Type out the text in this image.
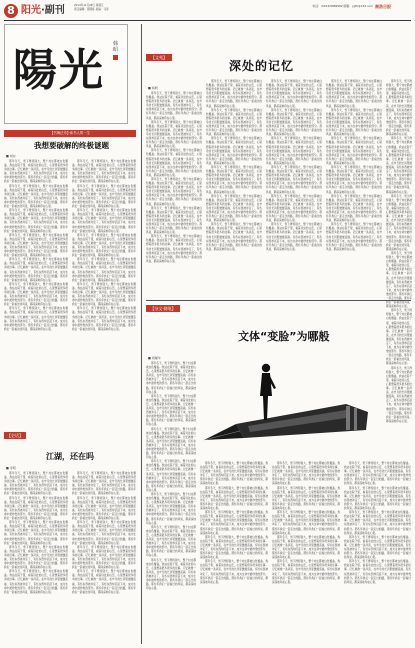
8 阳光·副刊	2014年11月28日 星期五
责任编辑：郝国栋 美编：马涛
电话：(0914)6889962 邮箱：ygfk@163.com 商洛日报
陽光
韩昭
【文苑】
深处的记忆
■ 杨帆

那年冬天，雪下得特别大，整个村庄都被白色覆盖。我站在院子里，看着远处的山峦，心里想着很多很多的往事。记忆就像一条河流，在岁月的长河里缓缓流淌，有些东西被冲走了，有些东西却沉淀下来，成为生命中最珍贵的部分。那些年我们一起走过的路，那些年我们一起看过的风景，都深深地印在心里。

那年冬天，雪下得特别大，整个村庄都被白色覆盖。我站在院子里，看着远处的山峦，心里想着很多很多的往事。记忆就像一条河流，在岁月的长河里缓缓流淌，有些东西被冲走了，有些东西却沉淀下来，成为生命中最珍贵的部分。那些年我们一起走过的路，那些年我们一起看过的风景，都深深地印在心里。

那年冬天，雪下得特别大，整个村庄都被白色覆盖。我站在院子里，看着远处的山峦，心里想着很多很多的往事。记忆就像一条河流，在岁月的长河里缓缓流淌，有些东西被冲走了，有些东西却沉淀下来，成为生命中最珍贵的部分。那些年我们一起走过的路，那些年我们一起看过的风景，都深深地印在心里。

那年冬天，雪下得特别大，整个村庄都被白色覆盖。我站在院子里，看着远处的山峦，心里想着很多很多的往事。记忆就像一条河流，在岁月的长河里缓缓流淌，有些东西被冲走了，有些东西却沉淀下来，成为生命中最珍贵的部分。那些年我们一起走过的路，那些年我们一起看过的风景，都深深地印在心里。

那年冬天，雪下得特别大，整个村庄都被白色覆盖。我站在院子里，看着远处的山峦，心里想着很多很多的往事。记忆就像一条河流，在岁月的长河里缓缓流淌，有些东西被冲走了，有些东西却沉淀下来，成为生命中最珍贵的部分。那些年我们一起走过的路，那些年我们一起看过的风景，都深深地印在心里。

那年冬天，雪下得特别大，整个村庄都被白色覆盖。我站在院子里，看着远处的山峦，心里想着很多很多的往事。记忆就像一条河流，在岁月的长河里缓缓流淌，有些东西被冲走了，有些东西却沉淀下来，成为生命中最珍贵的部分。那些年我们一起走过的路，那些年我们一起看过的风景，都深深地印在心里。

那年冬天，雪下得特别大，整个村庄都被白色覆盖。我站在院子里，看着远处的山峦，心里想着很多很多的往事。记忆就像一条河流，在岁月的长河里缓缓流淌，有些东西被冲走了，有些东西却沉淀下来，成为生命中最珍贵的部分。那些年我们一起走过的路，那些年我们一起看过的风景，都深深地印在心里。

那年冬天，雪下得特别大，整个村庄都被白色覆盖。我站在院子里，看着远处的山峦，心里想着很多很多的往事。记忆就像一条河流，在岁月的长河里缓缓流淌，有些东西被冲走了，有些东西却沉淀下来，成为生命中最珍贵的部分。那些年我们一起走过的路，那些年我们一起看过的风景，都深深地印在心里。

那年冬天，雪下得特别大，整个村庄都被白色覆盖。我站在院子里，看着远处的山峦，心里想着很多很多的往事。记忆就像一条河流，在岁月的长河里缓缓流淌，有些东西被冲走了，有些东西却沉淀下来，成为生命中最珍贵的部分。那些年我们一起走过的路，那些年我们一起看过的风景，都深深地印在心里。

那年冬天，雪下得特别大，整个村庄都被白色覆盖。我站在院子里，看着远处的山峦，心里想着很多很多的往事。记忆就像一条河流，在岁月的长河里缓缓流淌，有些东西被冲走了，有些东西却沉淀下来，成为生命中最珍贵的部分。那些年我们一起走过的路，那些年我们一起看过的风景，都深深地印在心里。

那年冬天，雪下得特别大，整个村庄都被白色覆盖。我站在院子里，看着远处的山峦，心里想着很多很多的往事。记忆就像一条河流，在岁月的长河里缓缓流淌，有些东西被冲走了，有些东西却沉淀下来，成为生命中最珍贵的部分。那些年我们一起走过的路，那些年我们一起看过的风景，都深深地印在心里。

那年冬天，雪下得特别大，整个村庄都被白色覆盖。我站在院子里，看着远处的山峦，心里想着很多很多的往事。记忆就像一条河流，在岁月的长河里缓缓流淌，有些东西被冲走了，有些东西却沉淀下来，成为生命中最珍贵的部分。那些年我们一起走过的路，那些年我们一起看过的风景，都深深地印在心里。

那年冬天，雪下得特别大，整个村庄都被白色覆盖。我站在院子里，看着远处的山峦，心里想着很多很多的往事。记忆就像一条河流，在岁月的长河里缓缓流淌，有些东西被冲走了，有些东西却沉淀下来，成为生命中最珍贵的部分。那些年我们一起走过的路，那些年我们一起看过的风景，都深深地印在心里。

那年冬天，雪下得特别大，整个村庄都被白色覆盖。我站在院子里，看着远处的山峦，心里想着很多很多的往事。记忆就像一条河流，在岁月的长河里缓缓流淌，有些东西被冲走了，有些东西却沉淀下来，成为生命中最珍贵的部分。那些年我们一起走过的路，那些年我们一起看过的风景，都深深地印在心里。

那年冬天，雪下得特别大，整个村庄都被白色覆盖。我站在院子里，看着远处的山峦，心里想着很多很多的往事。记忆就像一条河流，在岁月的长河里缓缓流淌，有些东西被冲走了，有些东西却沉淀下来，成为生命中最珍贵的部分。那些年我们一起走过的路，那些年我们一起看过的风景，都深深地印在心里。

那年冬天，雪下得特别大，整个村庄都被白色覆盖。我站在院子里，看着远处的山峦，心里想着很多很多的往事。记忆就像一条河流，在岁月的长河里缓缓流淌，有些东西被冲走了，有些东西却沉淀下来，成为生命中最珍贵的部分。那些年我们一起走过的路，那些年我们一起看过的风景，都深深地印在心里。

那年冬天，雪下得特别大，整个村庄都被白色覆盖。我站在院子里，看着远处的山峦，心里想着很多很多的往事。记忆就像一条河流，在岁月的长河里缓缓流淌，有些东西被冲走了，有些东西却沉淀下来，成为生命中最珍贵的部分。那些年我们一起走过的路，那些年我们一起看过的风景，都深深地印在心里。

那年冬天，雪下得特别大，整个村庄都被白色覆盖。我站在院子里，看着远处的山峦，心里想着很多很多的往事。记忆就像一条河流，在岁月的长河里缓缓流淌，有些东西被冲走了，有些东西却沉淀下来，成为生命中最珍贵的部分。那些年我们一起走过的路，那些年我们一起看过的风景，都深深地印在心里。

那年冬天，雪下得特别大，整个村庄都被白色覆盖。我站在院子里，看着远处的山峦，心里想着很多很多的往事。记忆就像一条河流，在岁月的长河里缓缓流淌，有些东西被冲走了，有些东西却沉淀下来，成为生命中最珍贵的部分。那些年我们一起走过的路，那些年我们一起看过的风景，都深深地印在心里。

那年冬天，雪下得特别大，整个村庄都被白色覆盖。我站在院子里，看着远处的山峦，心里想着很多很多的往事。记忆就像一条河流，在岁月的长河里缓缓流淌，有些东西被冲走了，有些东西却沉淀下来，成为生命中最珍贵的部分。那些年我们一起走过的路，那些年我们一起看过的风景，都深深地印在心里。

那年冬天，雪下得特别大，整个村庄都被白色覆盖。我站在院子里，看着远处的山峦，心里想着很多很多的往事。记忆就像一条河流，在岁月的长河里缓缓流淌，有些东西被冲走了，有些东西却沉淀下来，成为生命中最珍贵的部分。那些年我们一起走过的路，那些年我们一起看过的风景，都深深地印在心里。

那年冬天，雪下得特别大，整个村庄都被白色覆盖。我站在院子里，看着远处的山峦，心里想着很多很多的往事。记忆就像一条河流，在岁月的长河里缓缓流淌，有些东西被冲走了，有些东西却沉淀下来，成为生命中最珍贵的部分。那些年我们一起走过的路，那些年我们一起看过的风景，都深深地印在心里。

那年冬天，雪下得特别大，整个村庄都被白色覆盖。我站在院子里，看着远处的山峦，心里想着很多很多的往事。记忆就像一条河流，在岁月的长河里缓缓流淌，有些东西被冲走了，有些东西却沉淀下来，成为生命中最珍贵的部分。那些年我们一起走过的路，那些年我们一起看过的风景，都深深地印在心里。

那年冬天，雪下得特别大，整个村庄都被白色覆盖。我站在院子里，看着远处的山峦，心里想着很多很多的往事。记忆就像一条河流，在岁月的长河里缓缓流淌，有些东西被冲走了，有些东西却沉淀下来，成为生命中最珍贵的部分。那些年我们一起走过的路，那些年我们一起看过的风景，都深深地印在心里。

那年冬天，雪下得特别大，整个村庄都被白色覆盖。我站在院子里，看着远处的山峦，心里想着很多很多的往事。记忆就像一条河流，在岁月的长河里缓缓流淌，有些东西被冲走了，有些东西却沉淀下来，成为生命中最珍贵的部分。那些年我们一起走过的路，那些年我们一起看过的风景，都深深地印在心里。

那年冬天，雪下得特别大，整个村庄都被白色覆盖。我站在院子里，看着远处的山峦，心里想着很多很多的往事。记忆就像一条河流，在岁月的长河里缓缓流淌，有些东西被冲走了，有些东西却沉淀下来，成为生命中最珍贵的部分。那些年我们一起走过的路，那些年我们一起看过的风景，都深深地印在心里。

那年冬天，雪下得特别大，整个村庄都被白色覆盖。我站在院子里，看着远处的山峦，心里想着很多很多的往事。记忆就像一条河流，在岁月的长河里缓缓流淌，有些东西被冲走了，有些东西却沉淀下来，成为生命中最珍贵的部分。那些年我们一起走过的路，那些年我们一起看过的风景，都深深地印在心里。

那年冬天，雪下得特别大，整个村庄都被白色覆盖。我站在院子里，看着远处的山峦，心里想着很多很多的往事。记忆就像一条河流，在岁月的长河里缓缓流淌，有些东西被冲走了，有些东西却沉淀下来，成为生命中最珍贵的部分。那些年我们一起走过的路，那些年我们一起看过的风景，都深深地印在心里。

那年冬天，雪下得特别大，整个村庄都被白色覆盖。我站在院子里，看着远处的山峦，心里想着很多很多的往事。记忆就像一条河流，在岁月的长河里缓缓流淌，有些东西被冲走了，有些东西却沉淀下来，成为生命中最珍贵的部分。那些年我们一起走过的路，那些年我们一起看过的风景，都深深地印在心里。

那年冬天，雪下得特别大，整个村庄都被白色覆盖。我站在院子里，看着远处的山峦，心里想着很多很多的往事。记忆就像一条河流，在岁月的长河里缓缓流淌，有些东西被冲走了，有些东西却沉淀下来，成为生命中最珍贵的部分。那些年我们一起走过的路，那些年我们一起看过的风景，都深深地印在心里。

【书海泛舟】·读书人的一生
我想要破解的终极谜题
■ 刘东

那年冬天，雪下得特别大，整个村庄都被白色覆盖。我站在院子里，看着远处的山峦，心里想着很多很多的往事。记忆就像一条河流，在岁月的长河里缓缓流淌，有些东西被冲走了，有些东西却沉淀下来，成为生命中最珍贵的部分。那些年我们一起走过的路，那些年我们一起看过的风景，都深深地印在心里。

那年冬天，雪下得特别大，整个村庄都被白色覆盖。我站在院子里，看着远处的山峦，心里想着很多很多的往事。记忆就像一条河流，在岁月的长河里缓缓流淌，有些东西被冲走了，有些东西却沉淀下来，成为生命中最珍贵的部分。那些年我们一起走过的路，那些年我们一起看过的风景，都深深地印在心里。

那年冬天，雪下得特别大，整个村庄都被白色覆盖。我站在院子里，看着远处的山峦，心里想着很多很多的往事。记忆就像一条河流，在岁月的长河里缓缓流淌，有些东西被冲走了，有些东西却沉淀下来，成为生命中最珍贵的部分。那些年我们一起走过的路，那些年我们一起看过的风景，都深深地印在心里。

那年冬天，雪下得特别大，整个村庄都被白色覆盖。我站在院子里，看着远处的山峦，心里想着很多很多的往事。记忆就像一条河流，在岁月的长河里缓缓流淌，有些东西被冲走了，有些东西却沉淀下来，成为生命中最珍贵的部分。那些年我们一起走过的路，那些年我们一起看过的风景，都深深地印在心里。

那年冬天，雪下得特别大，整个村庄都被白色覆盖。我站在院子里，看着远处的山峦，心里想着很多很多的往事。记忆就像一条河流，在岁月的长河里缓缓流淌，有些东西被冲走了，有些东西却沉淀下来，成为生命中最珍贵的部分。那些年我们一起走过的路，那些年我们一起看过的风景，都深深地印在心里。

那年冬天，雪下得特别大，整个村庄都被白色覆盖。我站在院子里，看着远处的山峦，心里想着很多很多的往事。记忆就像一条河流，在岁月的长河里缓缓流淌，有些东西被冲走了，有些东西却沉淀下来，成为生命中最珍贵的部分。那些年我们一起走过的路，那些年我们一起看过的风景，都深深地印在心里。

那年冬天，雪下得特别大，整个村庄都被白色覆盖。我站在院子里，看着远处的山峦，心里想着很多很多的往事。记忆就像一条河流，在岁月的长河里缓缓流淌，有些东西被冲走了，有些东西却沉淀下来，成为生命中最珍贵的部分。那些年我们一起走过的路，那些年我们一起看过的风景，都深深地印在心里。

那年冬天，雪下得特别大，整个村庄都被白色覆盖。我站在院子里，看着远处的山峦，心里想着很多很多的往事。记忆就像一条河流，在岁月的长河里缓缓流淌，有些东西被冲走了，有些东西却沉淀下来，成为生命中最珍贵的部分。那些年我们一起走过的路，那些年我们一起看过的风景，都深深地印在心里。

那年冬天，雪下得特别大，整个村庄都被白色覆盖。我站在院子里，看着远处的山峦，心里想着很多很多的往事。记忆就像一条河流，在岁月的长河里缓缓流淌，有些东西被冲走了，有些东西却沉淀下来，成为生命中最珍贵的部分。那些年我们一起走过的路，那些年我们一起看过的风景，都深深地印在心里。

那年冬天，雪下得特别大，整个村庄都被白色覆盖。我站在院子里，看着远处的山峦，心里想着很多很多的往事。记忆就像一条河流，在岁月的长河里缓缓流淌，有些东西被冲走了，有些东西却沉淀下来，成为生命中最珍贵的部分。那些年我们一起走过的路，那些年我们一起看过的风景，都深深地印在心里。

那年冬天，雪下得特别大，整个村庄都被白色覆盖。我站在院子里，看着远处的山峦，心里想着很多很多的往事。记忆就像一条河流，在岁月的长河里缓缓流淌，有些东西被冲走了，有些东西却沉淀下来，成为生命中最珍贵的部分。那些年我们一起走过的路，那些年我们一起看过的风景，都深深地印在心里。

那年冬天，雪下得特别大，整个村庄都被白色覆盖。我站在院子里，看着远处的山峦，心里想着很多很多的往事。记忆就像一条河流，在岁月的长河里缓缓流淌，有些东西被冲走了，有些东西却沉淀下来，成为生命中最珍贵的部分。那些年我们一起走过的路，那些年我们一起看过的风景，都深深地印在心里。

那年冬天，雪下得特别大，整个村庄都被白色覆盖。我站在院子里，看着远处的山峦，心里想着很多很多的往事。记忆就像一条河流，在岁月的长河里缓缓流淌，有些东西被冲走了，有些东西却沉淀下来，成为生命中最珍贵的部分。那些年我们一起走过的路，那些年我们一起看过的风景，都深深地印在心里。

那年冬天，雪下得特别大，整个村庄都被白色覆盖。我站在院子里，看着远处的山峦，心里想着很多很多的往事。记忆就像一条河流，在岁月的长河里缓缓流淌，有些东西被冲走了，有些东西却沉淀下来，成为生命中最珍贵的部分。那些年我们一起走过的路，那些年我们一起看过的风景，都深深地印在心里。

【史话】
江湖，还在吗
■ 李明

那年冬天，雪下得特别大，整个村庄都被白色覆盖。我站在院子里，看着远处的山峦，心里想着很多很多的往事。记忆就像一条河流，在岁月的长河里缓缓流淌，有些东西被冲走了，有些东西却沉淀下来，成为生命中最珍贵的部分。那些年我们一起走过的路，那些年我们一起看过的风景，都深深地印在心里。

那年冬天，雪下得特别大，整个村庄都被白色覆盖。我站在院子里，看着远处的山峦，心里想着很多很多的往事。记忆就像一条河流，在岁月的长河里缓缓流淌，有些东西被冲走了，有些东西却沉淀下来，成为生命中最珍贵的部分。那些年我们一起走过的路，那些年我们一起看过的风景，都深深地印在心里。

那年冬天，雪下得特别大，整个村庄都被白色覆盖。我站在院子里，看着远处的山峦，心里想着很多很多的往事。记忆就像一条河流，在岁月的长河里缓缓流淌，有些东西被冲走了，有些东西却沉淀下来，成为生命中最珍贵的部分。那些年我们一起走过的路，那些年我们一起看过的风景，都深深地印在心里。

那年冬天，雪下得特别大，整个村庄都被白色覆盖。我站在院子里，看着远处的山峦，心里想着很多很多的往事。记忆就像一条河流，在岁月的长河里缓缓流淌，有些东西被冲走了，有些东西却沉淀下来，成为生命中最珍贵的部分。那些年我们一起走过的路，那些年我们一起看过的风景，都深深地印在心里。

那年冬天，雪下得特别大，整个村庄都被白色覆盖。我站在院子里，看着远处的山峦，心里想着很多很多的往事。记忆就像一条河流，在岁月的长河里缓缓流淌，有些东西被冲走了，有些东西却沉淀下来，成为生命中最珍贵的部分。那些年我们一起走过的路，那些年我们一起看过的风景，都深深地印在心里。

那年冬天，雪下得特别大，整个村庄都被白色覆盖。我站在院子里，看着远处的山峦，心里想着很多很多的往事。记忆就像一条河流，在岁月的长河里缓缓流淌，有些东西被冲走了，有些东西却沉淀下来，成为生命中最珍贵的部分。那些年我们一起走过的路，那些年我们一起看过的风景，都深深地印在心里。

那年冬天，雪下得特别大，整个村庄都被白色覆盖。我站在院子里，看着远处的山峦，心里想着很多很多的往事。记忆就像一条河流，在岁月的长河里缓缓流淌，有些东西被冲走了，有些东西却沉淀下来，成为生命中最珍贵的部分。那些年我们一起走过的路，那些年我们一起看过的风景，都深深地印在心里。

那年冬天，雪下得特别大，整个村庄都被白色覆盖。我站在院子里，看着远处的山峦，心里想着很多很多的往事。记忆就像一条河流，在岁月的长河里缓缓流淌，有些东西被冲走了，有些东西却沉淀下来，成为生命中最珍贵的部分。那些年我们一起走过的路，那些年我们一起看过的风景，都深深地印在心里。

那年冬天，雪下得特别大，整个村庄都被白色覆盖。我站在院子里，看着远处的山峦，心里想着很多很多的往事。记忆就像一条河流，在岁月的长河里缓缓流淌，有些东西被冲走了，有些东西却沉淀下来，成为生命中最珍贵的部分。那些年我们一起走过的路，那些年我们一起看过的风景，都深深地印在心里。

那年冬天，雪下得特别大，整个村庄都被白色覆盖。我站在院子里，看着远处的山峦，心里想着很多很多的往事。记忆就像一条河流，在岁月的长河里缓缓流淌，有些东西被冲走了，有些东西却沉淀下来，成为生命中最珍贵的部分。那些年我们一起走过的路，那些年我们一起看过的风景，都深深地印在心里。

【杂文·随笔】
文体“变脸”为哪般
■ 胡耀华

那年冬天，雪下得特别大，整个村庄都被白色覆盖。我站在院子里，看着远处的山峦，心里想着很多很多的往事。记忆就像一条河流，在岁月的长河里缓缓流淌，有些东西被冲走了，有些东西却沉淀下来，成为生命中最珍贵的部分。那些年我们一起走过的路，那些年我们一起看过的风景，都深深地印在心里。

那年冬天，雪下得特别大，整个村庄都被白色覆盖。我站在院子里，看着远处的山峦，心里想着很多很多的往事。记忆就像一条河流，在岁月的长河里缓缓流淌，有些东西被冲走了，有些东西却沉淀下来，成为生命中最珍贵的部分。那些年我们一起走过的路，那些年我们一起看过的风景，都深深地印在心里。

那年冬天，雪下得特别大，整个村庄都被白色覆盖。我站在院子里，看着远处的山峦，心里想着很多很多的往事。记忆就像一条河流，在岁月的长河里缓缓流淌，有些东西被冲走了，有些东西却沉淀下来，成为生命中最珍贵的部分。那些年我们一起走过的路，那些年我们一起看过的风景，都深深地印在心里。

那年冬天，雪下得特别大，整个村庄都被白色覆盖。我站在院子里，看着远处的山峦，心里想着很多很多的往事。记忆就像一条河流，在岁月的长河里缓缓流淌，有些东西被冲走了，有些东西却沉淀下来，成为生命中最珍贵的部分。那些年我们一起走过的路，那些年我们一起看过的风景，都深深地印在心里。

那年冬天，雪下得特别大，整个村庄都被白色覆盖。我站在院子里，看着远处的山峦，心里想着很多很多的往事。记忆就像一条河流，在岁月的长河里缓缓流淌，有些东西被冲走了，有些东西却沉淀下来，成为生命中最珍贵的部分。那些年我们一起走过的路，那些年我们一起看过的风景，都深深地印在心里。

那年冬天，雪下得特别大，整个村庄都被白色覆盖。我站在院子里，看着远处的山峦，心里想着很多很多的往事。记忆就像一条河流，在岁月的长河里缓缓流淌，有些东西被冲走了，有些东西却沉淀下来，成为生命中最珍贵的部分。那些年我们一起走过的路，那些年我们一起看过的风景，都深深地印在心里。

那年冬天，雪下得特别大，整个村庄都被白色覆盖。我站在院子里，看着远处的山峦，心里想着很多很多的往事。记忆就像一条河流，在岁月的长河里缓缓流淌，有些东西被冲走了，有些东西却沉淀下来，成为生命中最珍贵的部分。那些年我们一起走过的路，那些年我们一起看过的风景，都深深地印在心里。

那年冬天，雪下得特别大，整个村庄都被白色覆盖。我站在院子里，看着远处的山峦，心里想着很多很多的往事。记忆就像一条河流，在岁月的长河里缓缓流淌，有些东西被冲走了，有些东西却沉淀下来，成为生命中最珍贵的部分。那些年我们一起走过的路，那些年我们一起看过的风景，都深深地印在心里。

那年冬天，雪下得特别大，整个村庄都被白色覆盖。我站在院子里，看着远处的山峦，心里想着很多很多的往事。记忆就像一条河流，在岁月的长河里缓缓流淌，有些东西被冲走了，有些东西却沉淀下来，成为生命中最珍贵的部分。那些年我们一起走过的路，那些年我们一起看过的风景，都深深地印在心里。

那年冬天，雪下得特别大，整个村庄都被白色覆盖。我站在院子里，看着远处的山峦，心里想着很多很多的往事。记忆就像一条河流，在岁月的长河里缓缓流淌，有些东西被冲走了，有些东西却沉淀下来，成为生命中最珍贵的部分。那些年我们一起走过的路，那些年我们一起看过的风景，都深深地印在心里。

那年冬天，雪下得特别大，整个村庄都被白色覆盖。我站在院子里，看着远处的山峦，心里想着很多很多的往事。记忆就像一条河流，在岁月的长河里缓缓流淌，有些东西被冲走了，有些东西却沉淀下来，成为生命中最珍贵的部分。那些年我们一起走过的路，那些年我们一起看过的风景，都深深地印在心里。

那年冬天，雪下得特别大，整个村庄都被白色覆盖。我站在院子里，看着远处的山峦，心里想着很多很多的往事。记忆就像一条河流，在岁月的长河里缓缓流淌，有些东西被冲走了，有些东西却沉淀下来，成为生命中最珍贵的部分。那些年我们一起走过的路，那些年我们一起看过的风景，都深深地印在心里。

那年冬天，雪下得特别大，整个村庄都被白色覆盖。我站在院子里，看着远处的山峦，心里想着很多很多的往事。记忆就像一条河流，在岁月的长河里缓缓流淌，有些东西被冲走了，有些东西却沉淀下来，成为生命中最珍贵的部分。那些年我们一起走过的路，那些年我们一起看过的风景，都深深地印在心里。

那年冬天，雪下得特别大，整个村庄都被白色覆盖。我站在院子里，看着远处的山峦，心里想着很多很多的往事。记忆就像一条河流，在岁月的长河里缓缓流淌，有些东西被冲走了，有些东西却沉淀下来，成为生命中最珍贵的部分。那些年我们一起走过的路，那些年我们一起看过的风景，都深深地印在心里。

那年冬天，雪下得特别大，整个村庄都被白色覆盖。我站在院子里，看着远处的山峦，心里想着很多很多的往事。记忆就像一条河流，在岁月的长河里缓缓流淌，有些东西被冲走了，有些东西却沉淀下来，成为生命中最珍贵的部分。那些年我们一起走过的路，那些年我们一起看过的风景，都深深地印在心里。

那年冬天，雪下得特别大，整个村庄都被白色覆盖。我站在院子里，看着远处的山峦，心里想着很多很多的往事。记忆就像一条河流，在岁月的长河里缓缓流淌，有些东西被冲走了，有些东西却沉淀下来，成为生命中最珍贵的部分。那些年我们一起走过的路，那些年我们一起看过的风景，都深深地印在心里。

那年冬天，雪下得特别大，整个村庄都被白色覆盖。我站在院子里，看着远处的山峦，心里想着很多很多的往事。记忆就像一条河流，在岁月的长河里缓缓流淌，有些东西被冲走了，有些东西却沉淀下来，成为生命中最珍贵的部分。那些年我们一起走过的路，那些年我们一起看过的风景，都深深地印在心里。

那年冬天，雪下得特别大，整个村庄都被白色覆盖。我站在院子里，看着远处的山峦，心里想着很多很多的往事。记忆就像一条河流，在岁月的长河里缓缓流淌，有些东西被冲走了，有些东西却沉淀下来，成为生命中最珍贵的部分。那些年我们一起走过的路，那些年我们一起看过的风景，都深深地印在心里。

那年冬天，雪下得特别大，整个村庄都被白色覆盖。我站在院子里，看着远处的山峦，心里想着很多很多的往事。记忆就像一条河流，在岁月的长河里缓缓流淌，有些东西被冲走了，有些东西却沉淀下来，成为生命中最珍贵的部分。那些年我们一起走过的路，那些年我们一起看过的风景，都深深地印在心里。

那年冬天，雪下得特别大，整个村庄都被白色覆盖。我站在院子里，看着远处的山峦，心里想着很多很多的往事。记忆就像一条河流，在岁月的长河里缓缓流淌，有些东西被冲走了，有些东西却沉淀下来，成为生命中最珍贵的部分。那些年我们一起走过的路，那些年我们一起看过的风景，都深深地印在心里。

那年冬天，雪下得特别大，整个村庄都被白色覆盖。我站在院子里，看着远处的山峦，心里想着很多很多的往事。记忆就像一条河流，在岁月的长河里缓缓流淌，有些东西被冲走了，有些东西却沉淀下来，成为生命中最珍贵的部分。那些年我们一起走过的路，那些年我们一起看过的风景，都深深地印在心里。

那年冬天，雪下得特别大，整个村庄都被白色覆盖。我站在院子里，看着远处的山峦，心里想着很多很多的往事。记忆就像一条河流，在岁月的长河里缓缓流淌，有些东西被冲走了，有些东西却沉淀下来，成为生命中最珍贵的部分。那些年我们一起走过的路，那些年我们一起看过的风景，都深深地印在心里。
